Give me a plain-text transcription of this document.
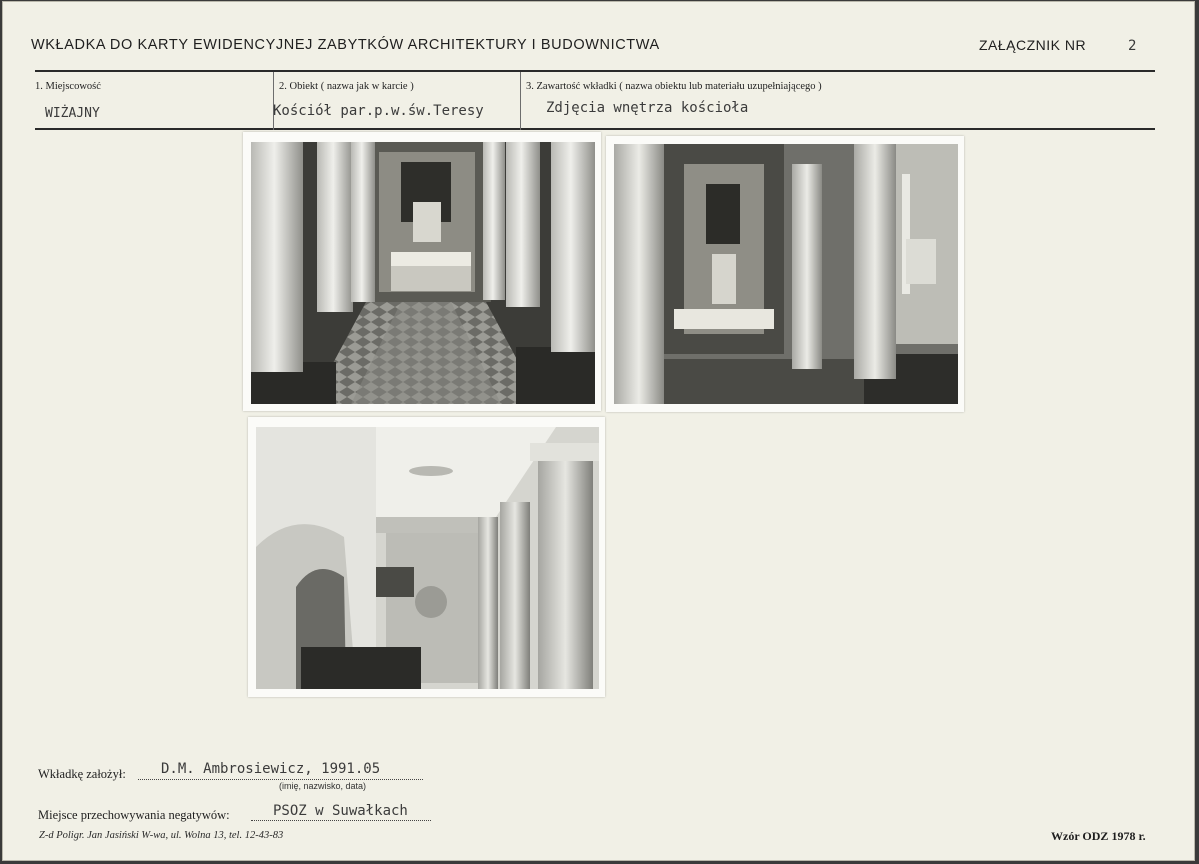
WKŁADKA DO KARTY EWIDENCYJNEJ ZABYTKÓW ARCHITEKTURY I BUDOWNICTWA	ZAŁĄCZNIK NR	2
1. Miejscowość	2. Obiekt ( nazwa jak w karcie )	3. Zawartość wkładki ( nazwa obiektu lub materiału uzupełniającego )
WIŻAJNY	Kościół par.p.w.św.Teresy	Zdjęcia wnętrza kościoła
Wkładkę założył:	D.M. Ambrosiewicz, 1991.05
(imię, nazwisko, data)
Miejsce przechowywania negatywów:	PSOZ w Suwałkach
Z-d Poligr. Jan Jasiński W-wa, ul. Wolna 13, tel. 12-43-83	Wzór ODZ 1978 r.
